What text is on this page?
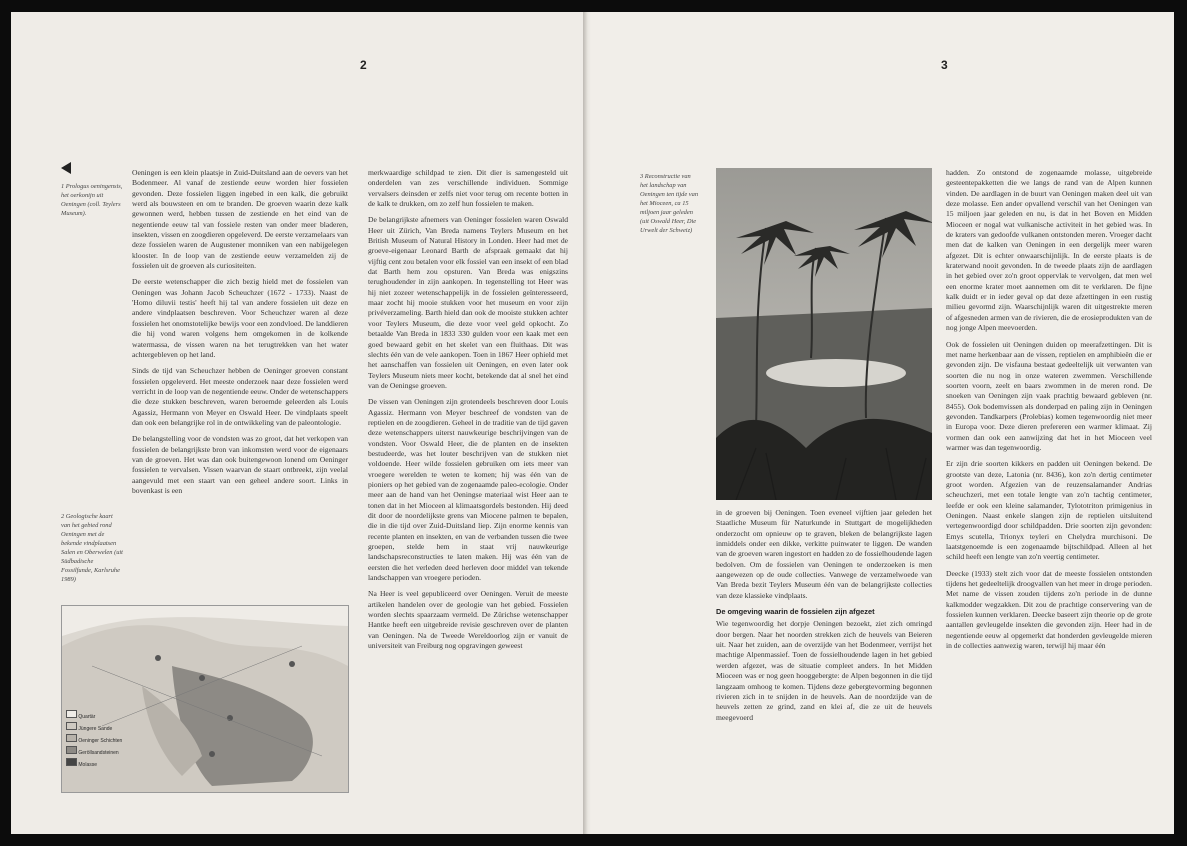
2
1 Prologus oeningensis, het oerkonijn uit Oeningen (coll. Teylers Museum).
2 Geologische kaart van het gebied rond Oeningen met de bekende vindplaatsen Salen en Oberwelen (uit Südbadische Fossilfunde, Karlsruhe 1989)

Oeningen is een klein plaatsje in Zuid-Duitsland aan de oevers van het Bodenmeer. Al vanaf de zestiende eeuw worden hier fossielen gevonden. Deze fossielen liggen ingebed in een kalk, die gebruikt werd als bouwsteen en om te branden. De groeven waarin deze kalk gewonnen werd, hebben tussen de zestiende en het eind van de negentiende eeuw tal van fossiele resten van onder meer bladeren, insekten, vissen en zoogdieren opgeleverd. De eerste verzamelaars van deze fossielen waren de Augustener monniken van een nabijgelegen klooster. In de loop van de zestiende eeuw verzamelden zij de fossielen uit de groeven als curiositeiten.

De eerste wetenschapper die zich bezig hield met de fossielen van Oeningen was Johann Jacob Scheuchzer (1672 - 1733). Naast de 'Homo diluvii testis' heeft hij tal van andere fossielen uit deze en andere vindplaatsen beschreven. Voor Scheuchzer waren al deze fossielen het onomstotelijke bewijs voor een zondvloed. De landdieren die hij vond waren volgens hem omgekomen in de kolkende watermassa, de vissen waren na het terugtrekken van het water achtergebleven op het land.

Sinds de tijd van Scheuchzer hebben de Oeninger groeven constant fossielen opgeleverd. Het meeste onderzoek naar deze fossielen werd verricht in de loop van de negentiende eeuw. Onder de wetenschappers die deze stukken beschreven, waren beroemde geleerden als Louis Agassiz, Hermann von Meyer en Oswald Heer. De vindplaats speelt dan ook een belangrijke rol in de ontwikkeling van de paleontologie.

De belangstelling voor de vondsten was zo groot, dat het verkopen van fossielen de belangrijkste bron van inkomsten werd voor de eigenaars van de groeven. Het was dan ook buitengewoon lonend om Oeninger fossielen te vervalsen. Vissen waarvan de staart ontbreekt, zijn veelal aangevuld met een staart van een geheel andere soort. Links in bovenkast is een

merkwaardige schildpad te zien. Dit dier is samengesteld uit onderdelen van zes verschillende individuen. Sommige vervalsers deinsden er zelfs niet voor terug om recente botten in de kalk te drukken, om zo zelf hun fossielen te maken.

De belangrijkste afnemers van Oeninger fossielen waren Oswald Heer uit Zürich, Van Breda namens Teylers Museum en het British Museum of Natural History in Londen. Heer had met de groeve-eigenaar Leonard Barth de afspraak gemaakt dat hij vijftig cent zou betalen voor elk fossiel van een insekt of een blad dat Barth hem zou opsturen. Van Breda was enigszins terughoudender in zijn aankopen. In tegenstelling tot Heer was hij niet zozeer wetenschappelijk in de fossielen geïnteresseerd, maar zocht hij mooie stukken voor het museum en voor zijn privéverzameling. Barth hield dan ook de mooiste stukken achter voor Teylers Museum, die deze voor veel geld opkocht. Zo betaalde Van Breda in 1833 330 gulden voor een kaak met een goed bewaard gebit en het skelet van een fluithaas. Dit was slechts één van de vele aankopen. Toen in 1867 Heer ophield met het aanschaffen van fossielen uit Oeningen, en even later ook Teylers Museum niets meer kocht, betekende dat al snel het eind van de Oeningse groeven.

De vissen van Oeningen zijn grotendeels beschreven door Louis Agassiz. Hermann von Meyer beschreef de vondsten van de reptielen en de zoogdieren. Geheel in de traditie van de tijd gaven deze wetenschappers uiterst nauwkeurige beschrijvingen van de vondsten. Voor Oswald Heer, die de planten en de insekten bestudeerde, was het louter beschrijven van de stukken niet voldoende. Heer wilde fossielen gebruiken om iets meer van vroegere werelden te weten te komen; hij was één van de pioniers op het gebied van de zogenaamde paleo-ecologie. Onder meer aan de hand van het Oeningse materiaal wist Heer aan te tonen dat in het Mioceen al klimaatsgordels bestonden. Hij deed dit door de noordelijkste grens van Miocene palmen te bepalen, die in die tijd over Zuid-Duitsland liep. Zijn enorme kennis van recente planten en insekten, en van de verbanden tussen die twee groepen, stelde hem in staat vrij nauwkeurige landschapsreconstructies te laten maken. Hij was één van de eersten die het verleden deed herleven door middel van tekende landschappen van vroegere perioden.

Na Heer is veel gepubliceerd over Oeningen. Veruit de meeste artikelen handelen over de geologie van het gebied. Fossielen worden slechts spaarzaam vermeld. De Zürichse wetenschapper Hantke heeft een uitgebreide revisie geschreven over de planten van Oeningen. Na de Tweede Wereldoorlog zijn er vanuit de universiteit van Freiburg nog opgravingen geweest

Quartär
Jüngere Sande
Oeninger Schichten
Geröllsandsteinen
Molasse
3
3 Reconstructie van het landschap van Oeningen ten tijde van het Mioceen, ca 15 miljoen jaar geleden (uit Oswald Heer, Die Urwelt der Schweiz)

in de groeven bij Oeningen. Toen eveneel vijftien jaar geleden het Staatliche Museum für Naturkunde in Stuttgart de mogelijkheden onderzocht om opnieuw op te graven, bleken de belangrijkste lagen inmiddels onder een dikke, verkitte puinwater te liggen. De wanden van de groeven waren ingestort en hadden zo de fossielhoudende lagen bedolven. Om de fossielen van Oeningen te onderzoeken is men aangewezen op de oude collecties. Vanwege de verzamelwoede van Van Breda bezit Teylers Museum één van de belangrijkste collecties van deze klassieke vindplaats.

De omgeving waarin de fossielen zijn afgezet

Wie tegenwoordig het dorpje Oeningen bezoekt, ziet zich omringd door bergen. Naar het noorden strekken zich de heuvels van Beieren uit. Naar het zuiden, aan de overzijde van het Bodenmeer, verrijst het machtige Alpenmassief. Toen de fossielhoudende lagen in het gebied werden afgezet, was de situatie compleet anders. In het Midden Mioceen was er nog geen hooggebergte: de Alpen begonnen in die tijd langzaam omhoog te komen. Tijdens deze gebergtevorming begonnen rivieren zich in te snijden in de heuvels. Aan de noordzijde van de heuvels zetten ze grind, zand en klei af, die ze uit de heuvels meegevoerd

hadden. Zo ontstond de zogenaamde molasse, uitgebreide gesteentepakketten die we langs de rand van de Alpen kunnen vinden. De aardlagen in de buurt van Oeningen maken deel uit van deze molasse. Een ander opvallend verschil van het Oeningen van 15 miljoen jaar geleden en nu, is dat in het Boven en Midden Mioceen er nogal wat vulkanische activiteit in het gebied was. In de kraters van gedoofde vulkanen ontstonden meren. Vroeger dacht men dat de kalken van Oeningen in een dergelijk meer waren afgezet. Dit is echter onwaarschijnlijk. In de eerste plaats is de kraterwand nooit gevonden. In de tweede plaats zijn de aardlagen in het gebied over zo'n groot oppervlak te vervolgen, dat men wel een enorme krater moet aannemen om dit te verklaren. De fijne kalk duidt er in ieder geval op dat deze afzettingen in een rustig milieu gevormd zijn. Waarschijnlijk waren dit uitgestrekte meren of afgesneden armen van de rivieren, die de erosieprodukten van de nog jonge Alpen meevoerden.

Ook de fossielen uit Oeningen duiden op meerafzettingen. Dit is met name herkenbaar aan de vissen, reptielen en amphibieën die er gevonden zijn. De visfauna bestaat gedeeltelijk uit verwanten van soorten die nu nog in onze wateren zwemmen. Verschillende soorten voorn, zeelt en baars zwommen in de meren rond. De snoeken van Oeningen zijn vaak prachtig bewaard gebleven (nr. 8455). Ook bodemvissen als donderpad en paling zijn in Oeningen gevonden. Tandkarpers (Prolebias) komen tegenwoordig niet meer in Europa voor. Deze dieren prefereren een warmer klimaat. Zij vormen dan ook een aanwijzing dat het in het Mioceen veel warmer was dan tegenwoordig.

Er zijn drie soorten kikkers en padden uit Oeningen bekend. De grootste van deze, Latonia (nr. 8436), kon zo'n dertig centimeter groot worden. Afgezien van de reuzensalamander Andrias scheuchzeri, met een totale lengte van zo'n tachtig centimeter, leefde er ook een kleine salamander, Tylototriton primigenius in Oeningen. Naast enkele slangen zijn de reptielen uitsluitend vertegenwoordigd door schildpadden. Drie soorten zijn gevonden: Emys scutella, Trionyx teyleri en Chelydra murchisoni. De laatstgenoemde is een zogenaamde bijtschildpad. Alleen al het schild heeft een lengte van zo'n veertig centimeter.

Deecke (1933) stelt zich voor dat de meeste fossielen ontstonden tijdens het gedeeltelijk droogvallen van het meer in droge perioden. Met name de vissen zouden tijdens zo'n periode in de dunne kalkmodder wegzakken. Dit zou de prachtige conservering van de fossielen kunnen verklaren. Deecke baseert zijn theorie op de grote aantallen gevleugelde insekten die gevonden zijn. Heer had in de negentiende eeuw al opgemerkt dat honderden gevleugelde mieren in de collecties aanwezig waren, terwijl hij maar één
